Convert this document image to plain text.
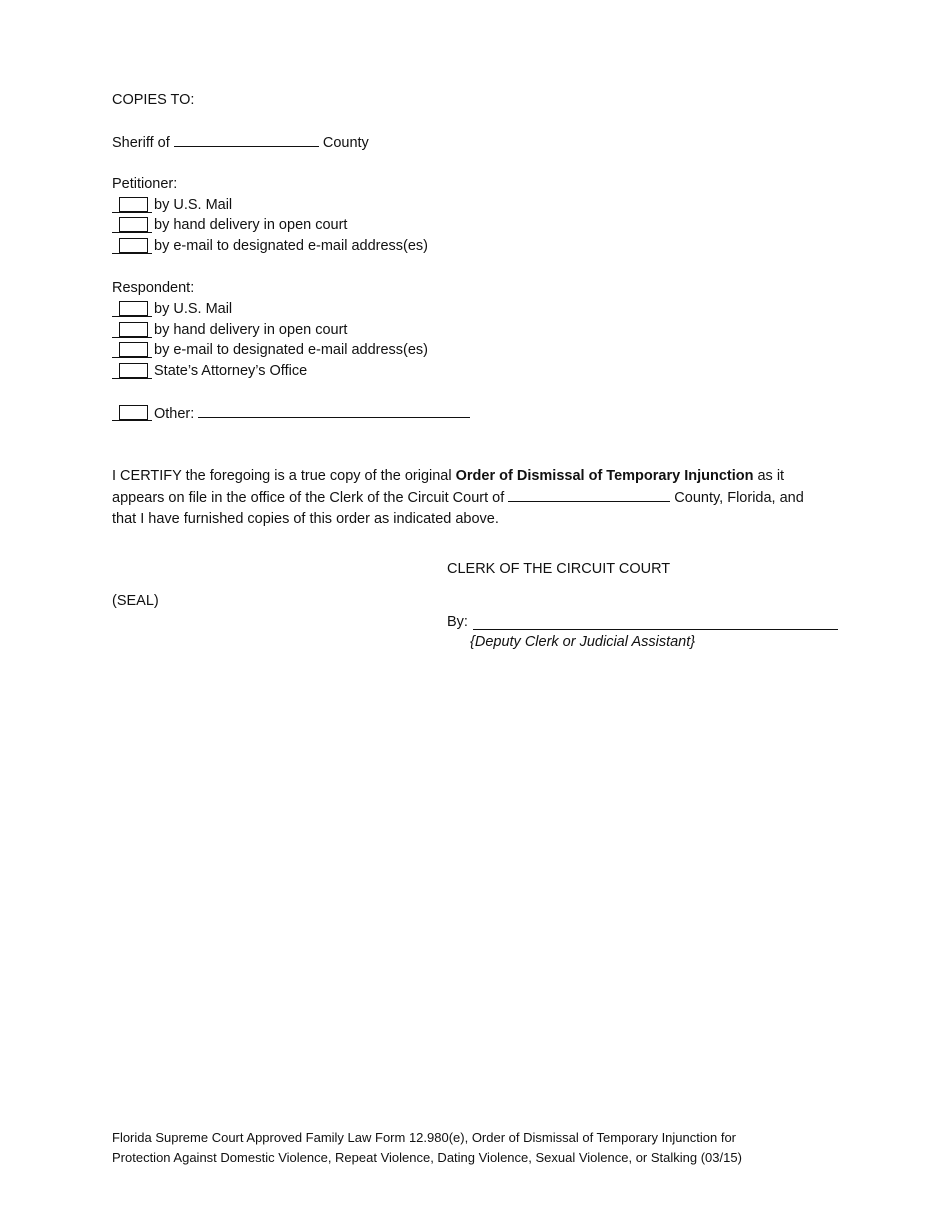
COPIES TO:
Sheriff of	County
Petitioner:
by U.S. Mail
by hand delivery in open court
by e-mail to designated e-mail address(es)
Respondent:
by U.S. Mail
by hand delivery in open court
by e-mail to designated e-mail address(es)
State’s Attorney’s Office
Other:
I CERTIFY the foregoing is a true copy of the original Order of Dismissal of Temporary Injunction as it appears on file in the office of the Clerk of the Circuit Court of	County, Florida, and that I have furnished copies of this order as indicated above.
CLERK OF THE CIRCUIT COURT
(SEAL)
By:
{Deputy Clerk or Judicial Assistant}
Florida Supreme Court Approved Family Law Form 12.980(e), Order of Dismissal of Temporary Injunction for
Protection Against Domestic Violence, Repeat Violence, Dating Violence, Sexual Violence, or Stalking (03/15)
